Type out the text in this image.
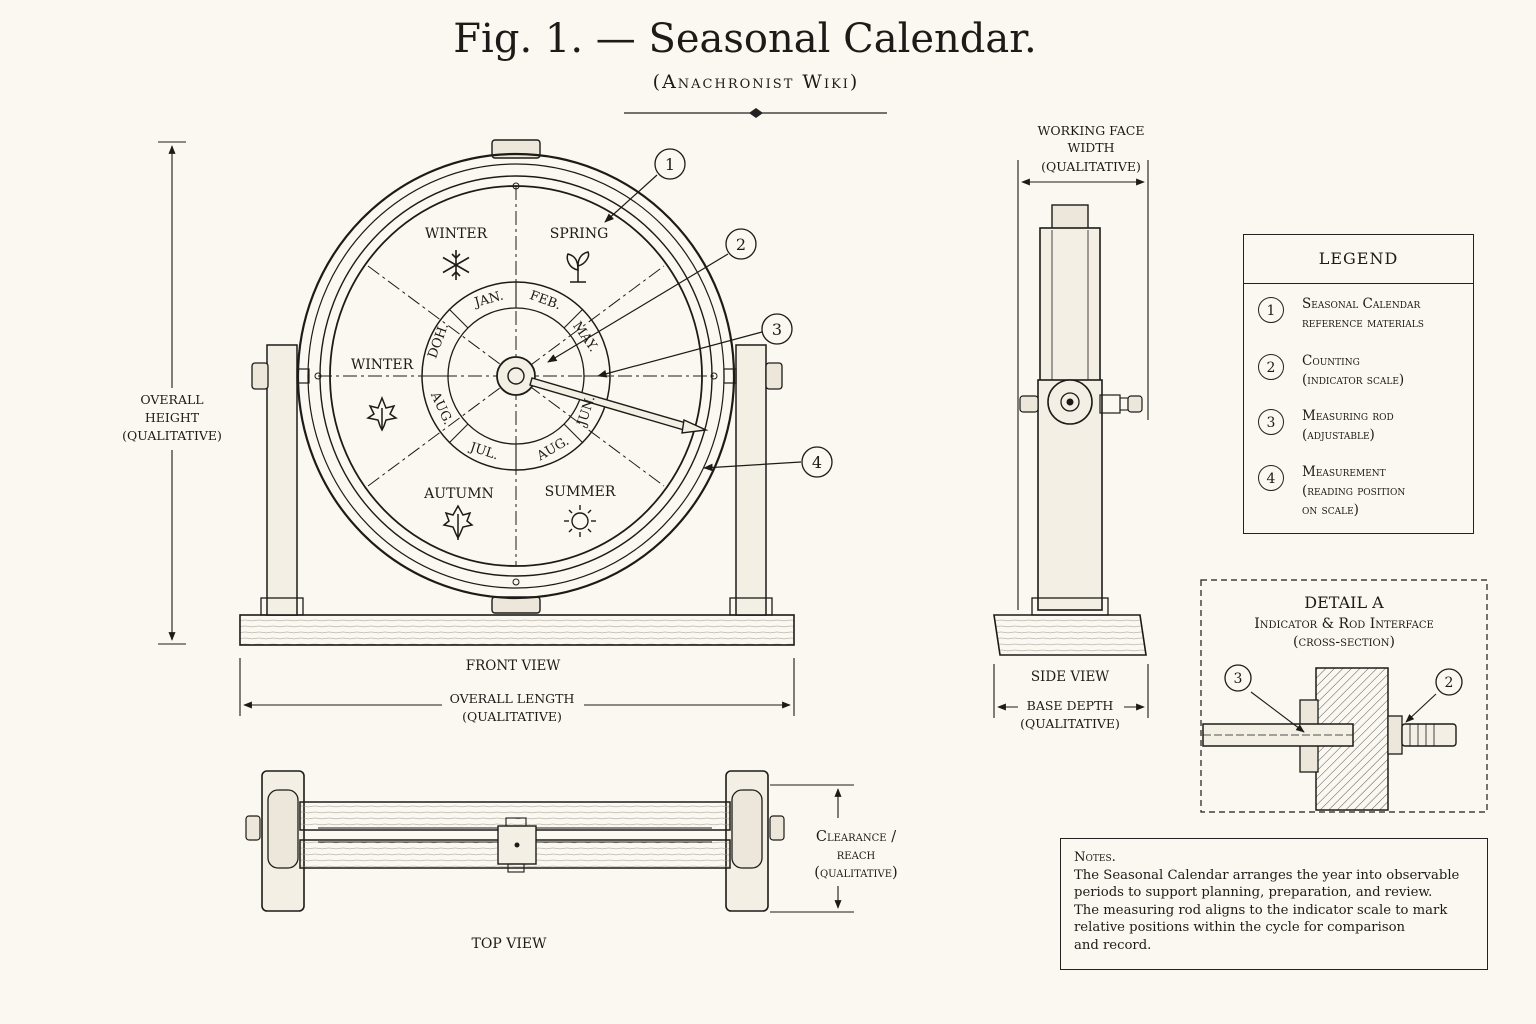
Fig. 1. — Seasonal Calendar.
(Anachronist Wiki)
WINTER	SPRING
WINTER
AUTUMN	SUMMER
JAN. FEB.
MAY.
JUN.
AUG.
JUL.
AUG.
DOH.
1
2
3
4
OVERALL
HEIGHT
(QUALITATIVE)
FRONT VIEW
OVERALL LENGTH
(QUALITATIVE)
WORKING FACE
WIDTH
(QUALITATIVE)
SIDE VIEW
BASE DEPTH
(QUALITATIVE)
Clearance /
reach
(qualitative)
TOP VIEW
DETAIL A
Indicator & Rod Interface
(cross-section)
3	2
LEGEND
1	Seasonal Calendar
reference materials
2	Counting
(indicator scale)
3	Measuring rod
(adjustable)
4	Measurement
(reading position
on scale)
Notes.
The Seasonal Calendar arranges the year into observable
periods to support planning, preparation, and review.
The measuring rod aligns to the indicator scale to mark
relative positions within the cycle for comparison
and record.
